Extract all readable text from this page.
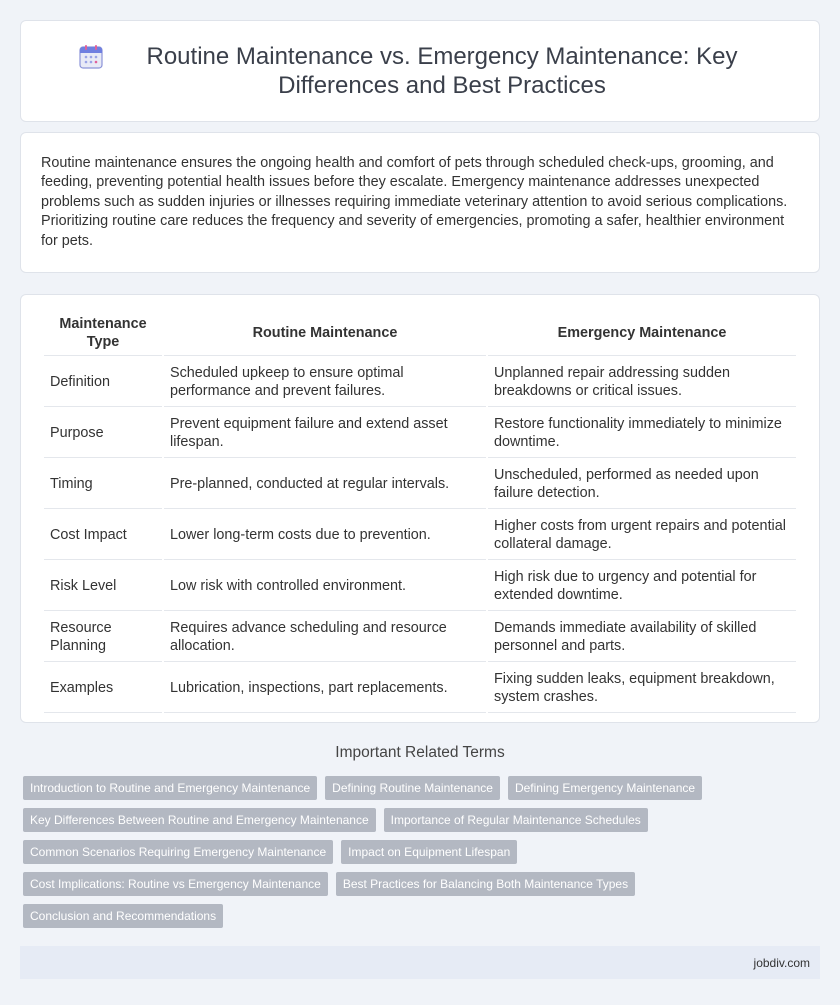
Routine Maintenance vs. Emergency Maintenance: Key Differences and Best Practices

Routine maintenance ensures the ongoing health and comfort of pets through scheduled check-ups, grooming, and feeding, preventing potential health issues before they escalate. Emergency maintenance addresses unexpected problems such as sudden injuries or illnesses requiring immediate veterinary attention to avoid serious complications. Prioritizing routine care reduces the frequency and severity of emergencies, promoting a safer, healthier environment for pets.

Maintenance Type	Routine Maintenance	Emergency Maintenance
Definition	Scheduled upkeep to ensure optimal performance and prevent failures.	Unplanned repair addressing sudden breakdowns or critical issues.
Purpose	Prevent equipment failure and extend asset lifespan.	Restore functionality immediately to minimize downtime.
Timing	Pre-planned, conducted at regular intervals.	Unscheduled, performed as needed upon failure detection.
Cost Impact	Lower long-term costs due to prevention.	Higher costs from urgent repairs and potential collateral damage.
Risk Level	Low risk with controlled environment.	High risk due to urgency and potential for extended downtime.
Resource Planning	Requires advance scheduling and resource allocation.	Demands immediate availability of skilled personnel and parts.
Examples	Lubrication, inspections, part replacements.	Fixing sudden leaks, equipment breakdown, system crashes.
Important Related Terms
Introduction to Routine and Emergency Maintenance	Defining Routine Maintenance	Defining Emergency Maintenance
Key Differences Between Routine and Emergency Maintenance	Importance of Regular Maintenance Schedules
Common Scenarios Requiring Emergency Maintenance	Impact on Equipment Lifespan
Cost Implications: Routine vs Emergency Maintenance	Best Practices for Balancing Both Maintenance Types
Conclusion and Recommendations
jobdiv.com
